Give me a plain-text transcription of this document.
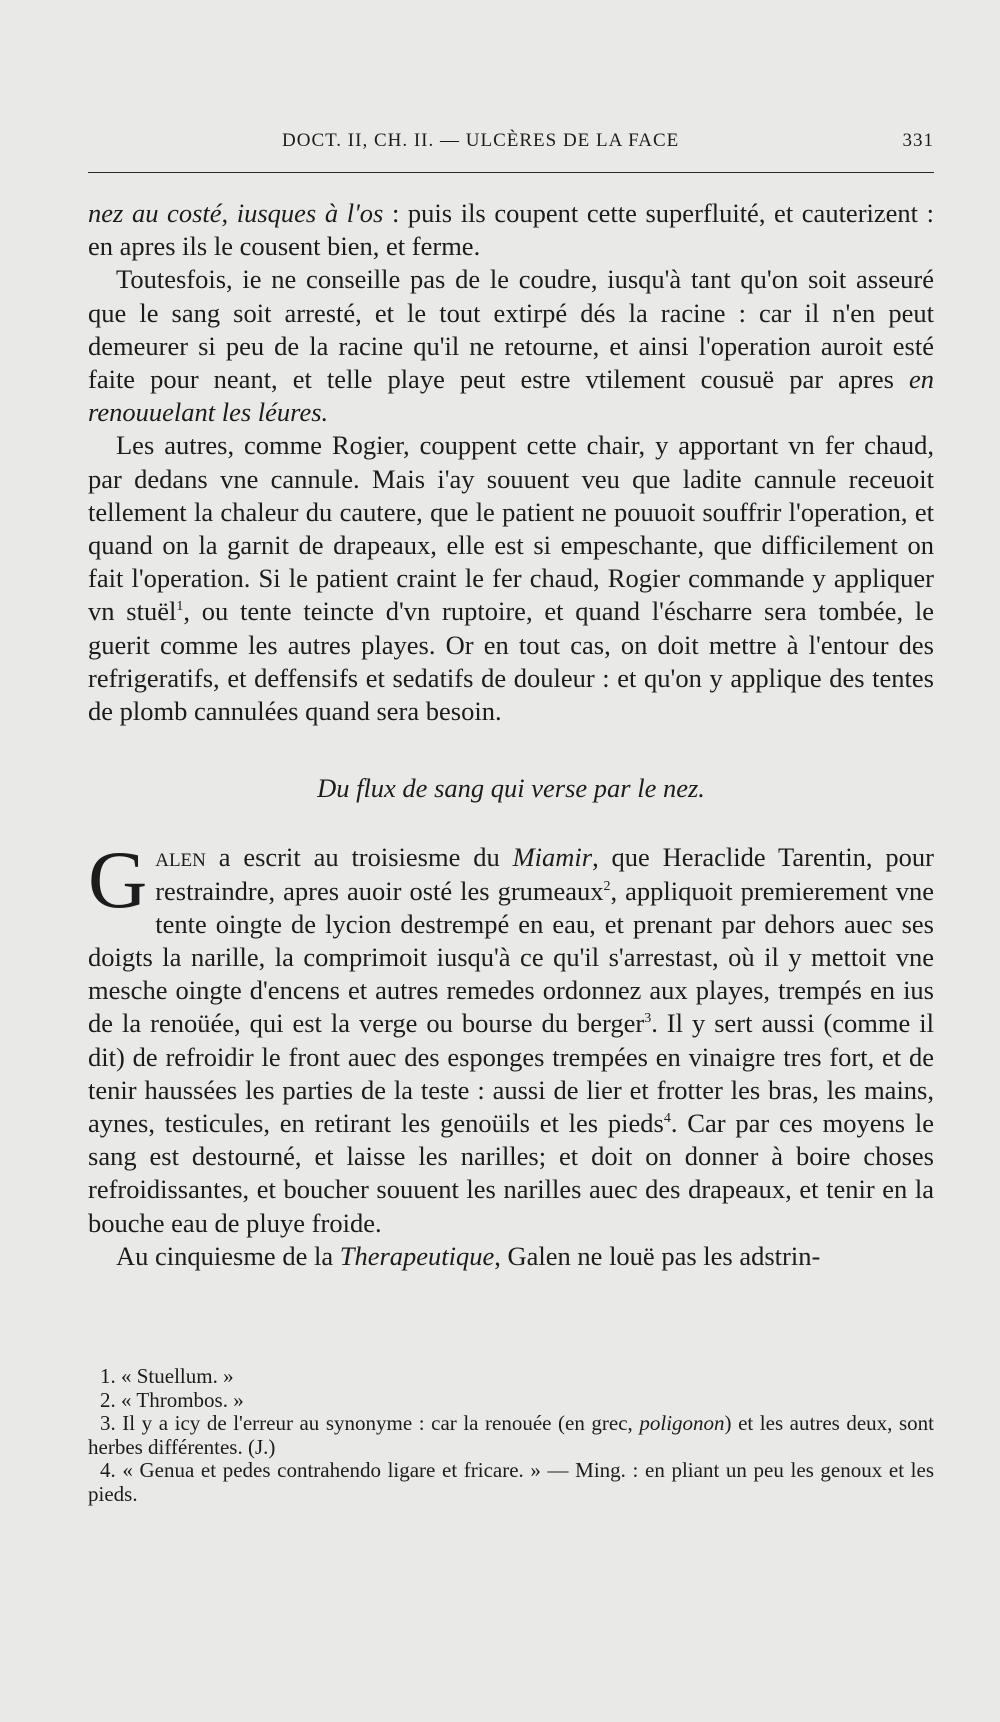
DOCT. II, CH. II. — ULCÈRES DE LA FACE	331

nez au costé, iusques à l'os : puis ils coupent cette superfluité, et cauterizent : en apres ils le cousent bien, et ferme.

Toutesfois, ie ne conseille pas de le coudre, iusqu'à tant qu'on soit asseuré que le sang soit arresté, et le tout extirpé dés la racine : car il n'en peut demeurer si peu de la racine qu'il ne retourne, et ainsi l'operation auroit esté faite pour neant, et telle playe peut estre vtilement cousuë par apres en renouuelant les léures.

Les autres, comme Rogier, couppent cette chair, y apportant vn fer chaud, par dedans vne cannule. Mais i'ay souuent veu que ladite cannule receuoit tellement la chaleur du cautere, que le patient ne pouuoit souffrir l'operation, et quand on la garnit de drapeaux, elle est si empeschante, que difficilement on fait l'operation. Si le patient craint le fer chaud, Rogier commande y appliquer vn stuël$^1$, ou tente teincte d'vn ruptoire, et quand l'éscharre sera tombée, le guerit comme les autres playes. Or en tout cas, on doit mettre à l'entour des refrigeratifs, et deffensifs et sedatifs de douleur : et qu'on y applique des tentes de plomb cannulées quand sera besoin.

Du flux de sang qui verse par le nez.

Galen a escrit au troisiesme du Miamir, que Heraclide Tarentin, pour restraindre, apres auoir osté les grumeaux$^2$, appliquoit premierement vne tente oingte de lycion destrempé en eau, et prenant par dehors auec ses doigts la narille, la comprimoit iusqu'à ce qu'il s'arrestast, où il y mettoit vne mesche oingte d'encens et autres remedes ordonnez aux playes, trempés en ius de la renoüée, qui est la verge ou bourse du berger$^3$. Il y sert aussi (comme il dit) de refroidir le front auec des esponges trempées en vinaigre tres fort, et de tenir haussées les parties de la teste : aussi de lier et frotter les bras, les mains, aynes, testicules, en retirant les genoüils et les pieds$^4$. Car par ces moyens le sang est destourné, et laisse les narilles; et doit on donner à boire choses refroidissantes, et boucher souuent les narilles auec des drapeaux, et tenir en la bouche eau de pluye froide.

Au cinquiesme de la Therapeutique, Galen ne louë pas les adstrin-

1. « Stuellum. »

2. « Thrombos. »

3. Il y a icy de l'erreur au synonyme : car la renouée (en grec, poligonon) et les autres deux, sont herbes différentes. (J.)

4. « Genua et pedes contrahendo ligare et fricare. » — Ming. : en pliant un peu les genoux et les pieds.
